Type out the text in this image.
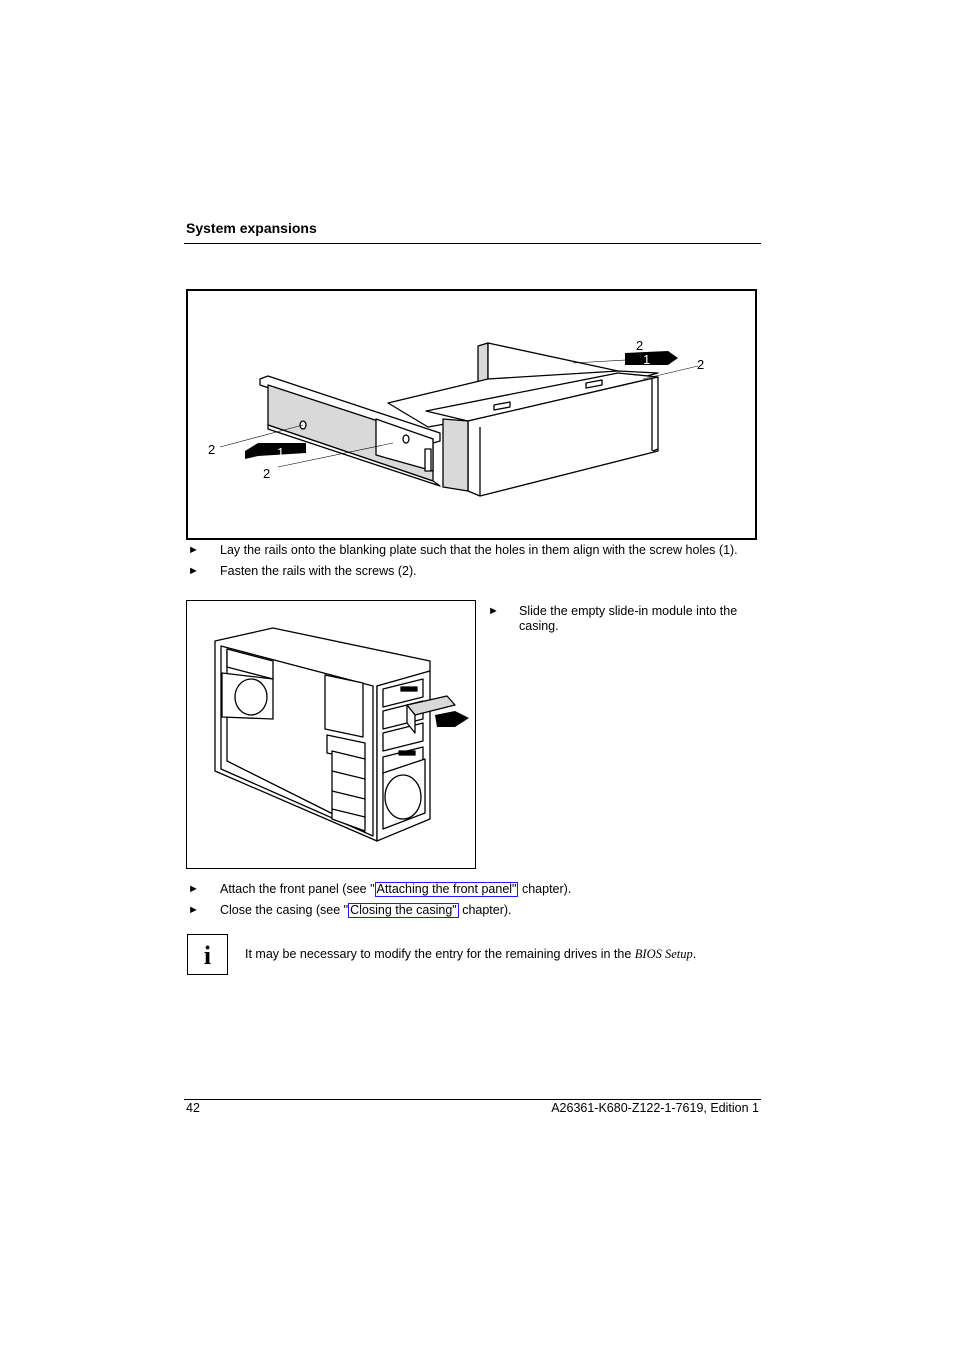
System expansions
2	1
2
2
1	2
► Lay the rails onto the blanking plate such that the holes in them align with the screw holes (1).
► Fasten the rails with the screws (2).
► Slide the empty slide-in module into the casing.
► Attach the front panel (see " Attaching the front panel" chapter).
► Close the casing (see " Closing the casing" chapter).
i	It may be necessary to modify the entry for the remaining drives in the BIOS Setup.
42	A26361-K680-Z122-1-7619, Edition 1
